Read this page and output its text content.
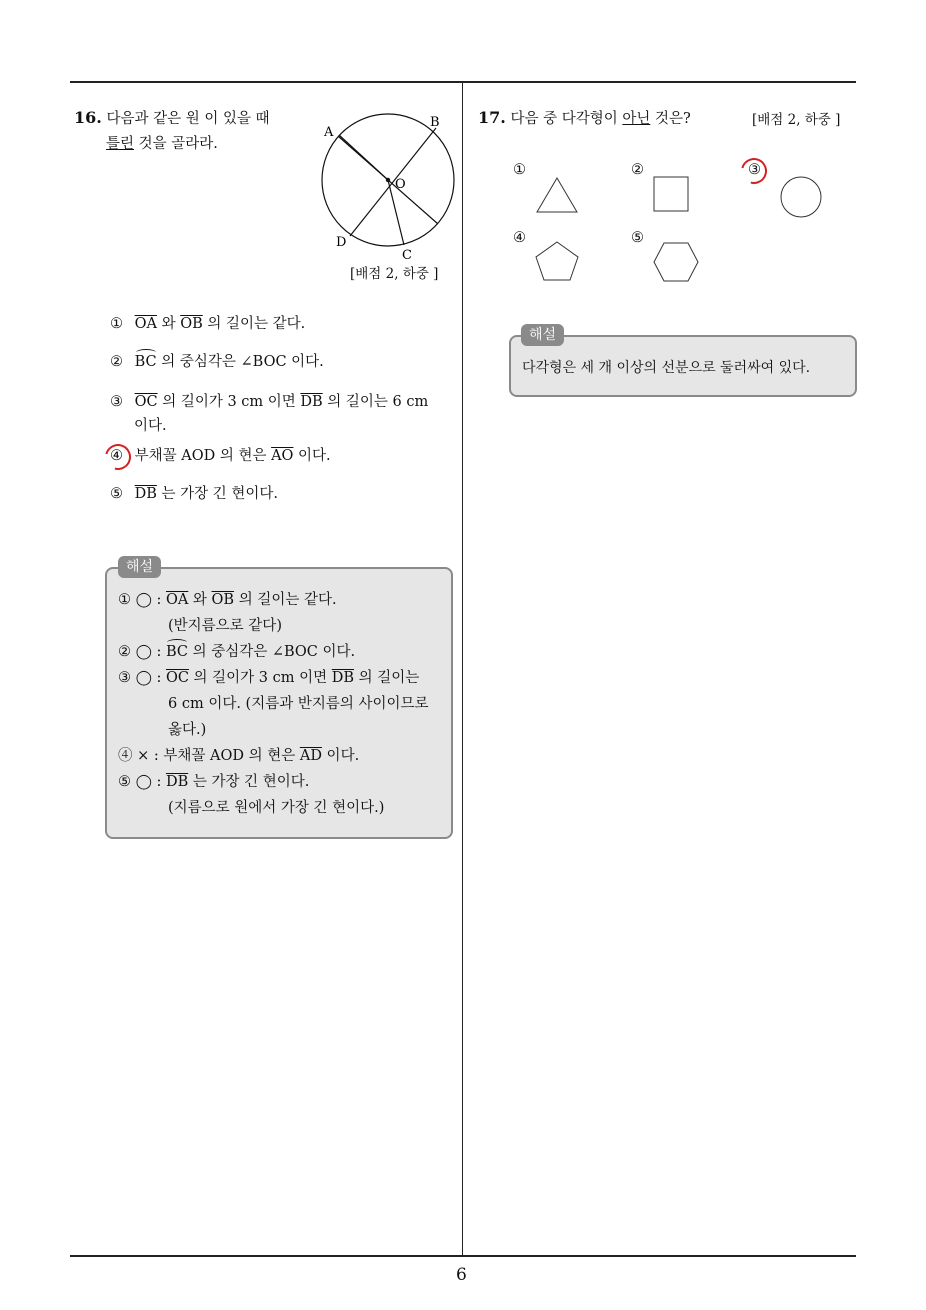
6
16. 다음과 같은 원 이 있을 때
틀린 것을 골라라.
A
B
O
D
C
[배점 2, 하중 ]
① $\overline{OA}$ 와 $\overline{OB}$ 의 길이는 같다.
② BC 의 중심각은 ∠BOC 이다.
③ $\overline{OC}$ 의 길이가 3 cm 이면 $\overline{DB}$ 의 길이는 6 cm
이다.
④ 부채꼴 AOD 의 현은 $\overline{AO}$ 이다.
⑤ $\overline{DB}$ 는 가장 긴 현이다.
해설
① ◯ : $\overline{OA}$ 와 $\overline{OB}$ 의 길이는 같다.
(반지름으로 같다)
② ◯ : BC 의 중심각은 ∠BOC 이다.
③ ◯ : $\overline{OC}$ 의 길이가 3 cm 이면 $\overline{DB}$ 의 길이는
6 cm 이다. (지름과 반지름의 사이이므로
옳다.)
④ × : 부채꼴 AOD 의 현은 $\overline{AD}$ 이다.
⑤ ◯ : $\overline{DB}$ 는 가장 긴 현이다.
(지름으로 원에서 가장 긴 현이다.)
17. 다음 중 다각형이 아닌 것은?	[배점 2, 하중 ]
①	②	③
④	⑤
해설
다각형은 세 개 이상의 선분으로 둘러싸여 있다.
